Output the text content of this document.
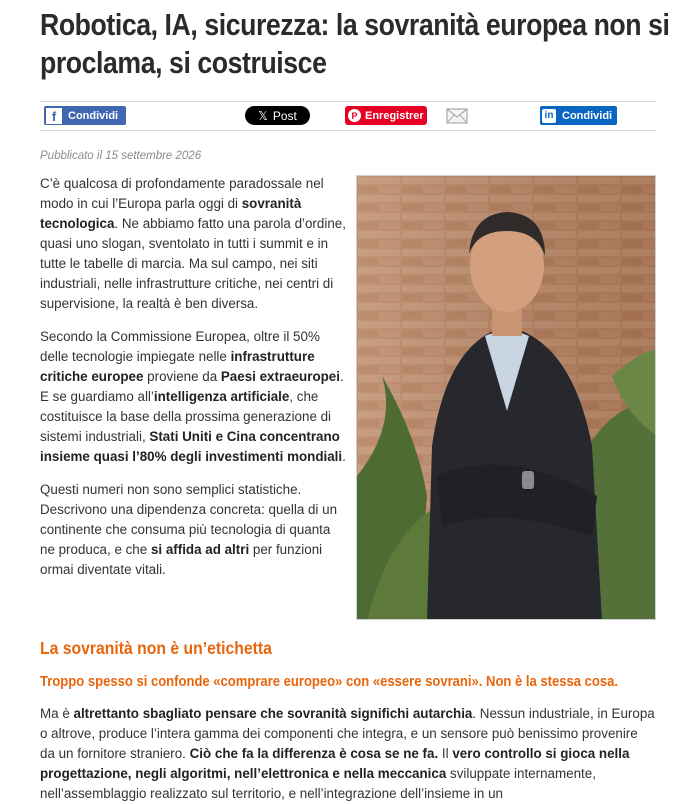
Robotica, IA, sicurezza: la sovranità europea non si proclama, si costruisce
f	Condividi	𝕏 Post	P Enregistrer	in Condividi
Pubblicato il 15 settembre 2026

C’è qualcosa di profondamente paradossale nel modo in cui l’Europa parla oggi di sovranità tecnologica. Ne abbiamo fatto una parola d’ordine, quasi uno slogan, sventolato in tutti i summit e in tutte le tabelle di marcia. Ma sul campo, nei siti industriali, nelle infrastrutture critiche, nei centri di supervisione, la realtà è ben diversa.

Secondo la Commissione Europea, oltre il 50% delle tecnologie impiegate nelle infrastrutture critiche europee proviene da Paesi extraeuropei. E se guardiamo all’intelligenza artificiale, che costituisce la base della prossima generazione di sistemi industriali, Stati Uniti e Cina concentrano insieme quasi l’80% degli investimenti mondiali.

Questi numeri non sono semplici statistiche. Descrivono una dipendenza concreta: quella di un continente che consuma più tecnologia di quanta ne produca, e che si affida ad altri per funzioni ormai diventate vitali.

La sovranità non è un’etichetta
Troppo spesso si confonde «comprare europeo» con «essere sovrani». Non è la stessa cosa.

Ma è altrettanto sbagliato pensare che sovranità significhi autarchia. Nessun industriale, in Europa o altrove, produce l’intera gamma dei componenti che integra, e un sensore può benissimo provenire da un fornitore straniero. Ciò che fa la differenza è cosa se ne fa. Il vero controllo si gioca nella progettazione, negli algoritmi, nell’elettronica e nella meccanica sviluppate internamente, nell’assemblaggio realizzato sul territorio, e nell’integrazione dell’insieme in un
